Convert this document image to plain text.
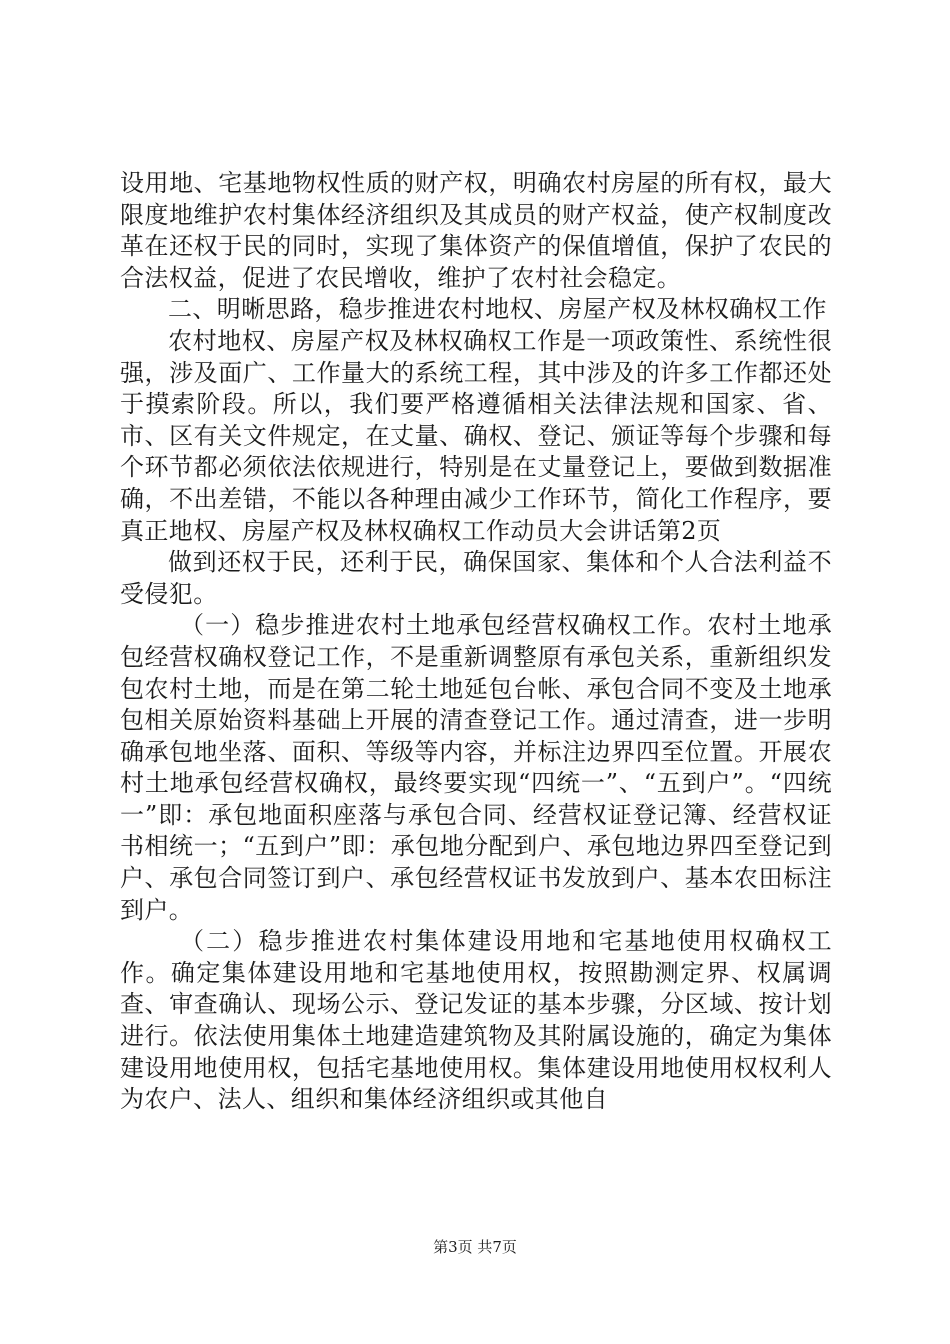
设用地、宅基地物权性质的财产权，明确农村房屋的所有权，最大限度地维护农村集体经济组织及其成员的财产权益，使产权制度改革在还权于民的同时，实现了集体资产的保值增值，保护了农民的合法权益，促进了农民增收，维护了农村社会稳定。

二、明晰思路，稳步推进农村地权、房屋产权及林权确权工作

农村地权、房屋产权及林权确权工作是一项政策性、系统性很强，涉及面广、工作量大的系统工程，其中涉及的许多工作都还处于摸索阶段。所以，我们要严格遵循相关法律法规和国家、省、市、区有关文件规定，在丈量、确权、登记、颁证等每个步骤和每个环节都必须依法依规进行，特别是在丈量登记上，要做到数据准确，不出差错，不能以各种理由减少工作环节，简化工作程序，要真正地权、房屋产权及林权确权工作动员大会讲话第2页

做到还权于民，还利于民，确保国家、集体和个人合法利益不受侵犯。

（一）稳步推进农村土地承包经营权确权工作。农村土地承包经营权确权登记工作，不是重新调整原有承包关系，重新组织发包农村土地，而是在第二轮土地延包台帐、承包合同不变及土地承包相关原始资料基础上开展的清查登记工作。通过清查，进一步明确承包地坐落、面积、等级等内容，并标注边界四至位置。开展农村土地承包经营权确权，最终要实现“四统一”、“五到户”。“四统一”即：承包地面积座落与承包合同、经营权证登记簿、经营权证书相统一；“五到户”即：承包地分配到户、承包地边界四至登记到户、承包合同签订到户、承包经营权证书发放到户、基本农田标注到户。

（二）稳步推进农村集体建设用地和宅基地使用权确权工作。确定集体建设用地和宅基地使用权，按照勘测定界、权属调查、审查确认、现场公示、登记发证的基本步骤，分区域、按计划进行。依法使用集体土地建造建筑物及其附属设施的，确定为集体建设用地使用权，包括宅基地使用权。集体建设用地使用权权利人为农户、法人、组织和集体经济组织或其他自

第3页 共7页
